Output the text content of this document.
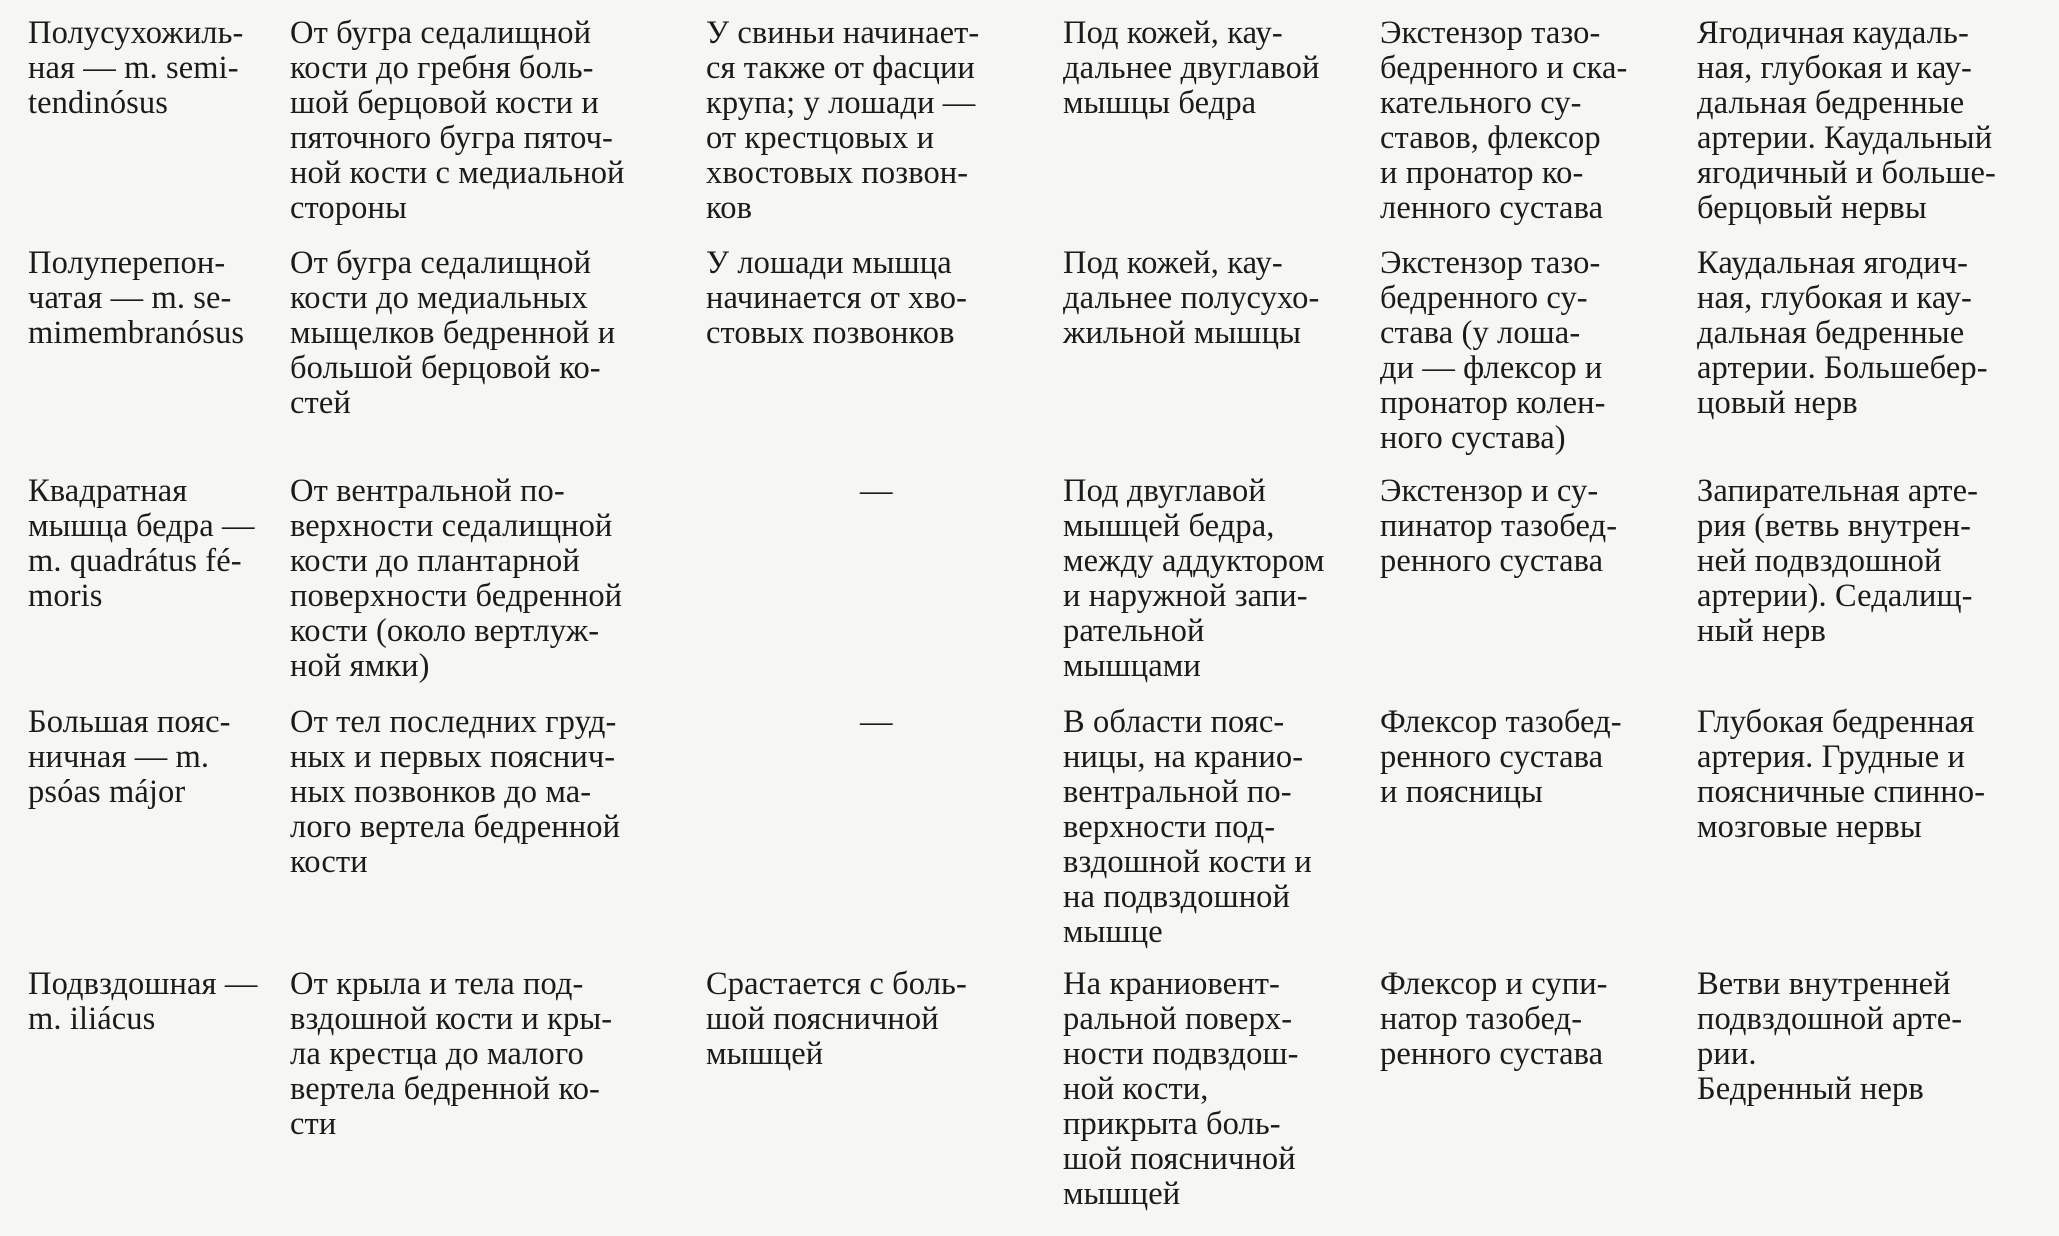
Полусухожиль-
ная — m. semi-
tendinósus
От бугра седалищной
кости до гребня боль-
шой берцовой кости и
пяточного бугра пяточ-
ной кости с медиальной
стороны
У свиньи начинает-
ся также от фасции
крупа; у лошади —
от крестцовых и
хвостовых позвон-
ков
Под кожей, кау-
дальнее двуглавой
мышцы бедра
Экстензор тазо-
бедренного и ска-
кательного су-
ставов, флексор
и пронатор ко-
ленного сустава
Ягодичная каудаль-
ная, глубокая и кау-
дальная бедренные
артерии. Каудальный
ягодичный и больше-
берцовый нервы
Полуперепон-
чатая — m. se-
mimembranósus
От бугра седалищной
кости до медиальных
мыщелков бедренной и
большой берцовой ко-
стей
У лошади мышца
начинается от хво-
стовых позвонков
Под кожей, кау-
дальнее полусухо-
жильной мышцы
Экстензор тазо-
бедренного су-
става (у лоша-
ди — флексор и
пронатор колен-
ного сустава)
Каудальная ягодич-
ная, глубокая и кау-
дальная бедренные
артерии. Большебер-
цовый нерв
Квадратная
мышца бедра —
m. quadrátus fé-
moris
От вентральной по-
верхности седалищной
кости до плантарной
поверхности бедренной
кости (около вертлуж-
ной ямки)
—	Под двуглавой
мышцей бедра,
между аддуктором
и наружной запи-
рательной
мышцами
Экстензор и су-
пинатор тазобед-
ренного сустава
Запирательная арте-
рия (ветвь внутрен-
ней подвздошной
артерии). Седалищ-
ный нерв
Большая пояс-
ничная — m.
psóas májor
От тел последних груд-
ных и первых пояснич-
ных позвонков до ма-
лого вертела бедренной
кости
—	В области пояс-
ницы, на кранио-
вентральной по-
верхности под-
вздошной кости и
на подвздошной
мышце
Флексор тазобед-
ренного сустава
и поясницы
Глубокая бедренная
артерия. Грудные и
поясничные спинно-
мозговые нервы
Подвздошная —
m. iliácus
От крыла и тела под-
вздошной кости и кры-
ла крестца до малого
вертела бедренной ко-
сти
Срастается с боль-
шой поясничной
мышцей
На краниовент-
ральной поверх-
ности подвздош-
ной кости,
прикрыта боль-
шой поясничной
мышцей
Флексор и супи-
натор тазобед-
ренного сустава
Ветви внутренней
подвздошной арте-
рии.
Бедренный нерв
